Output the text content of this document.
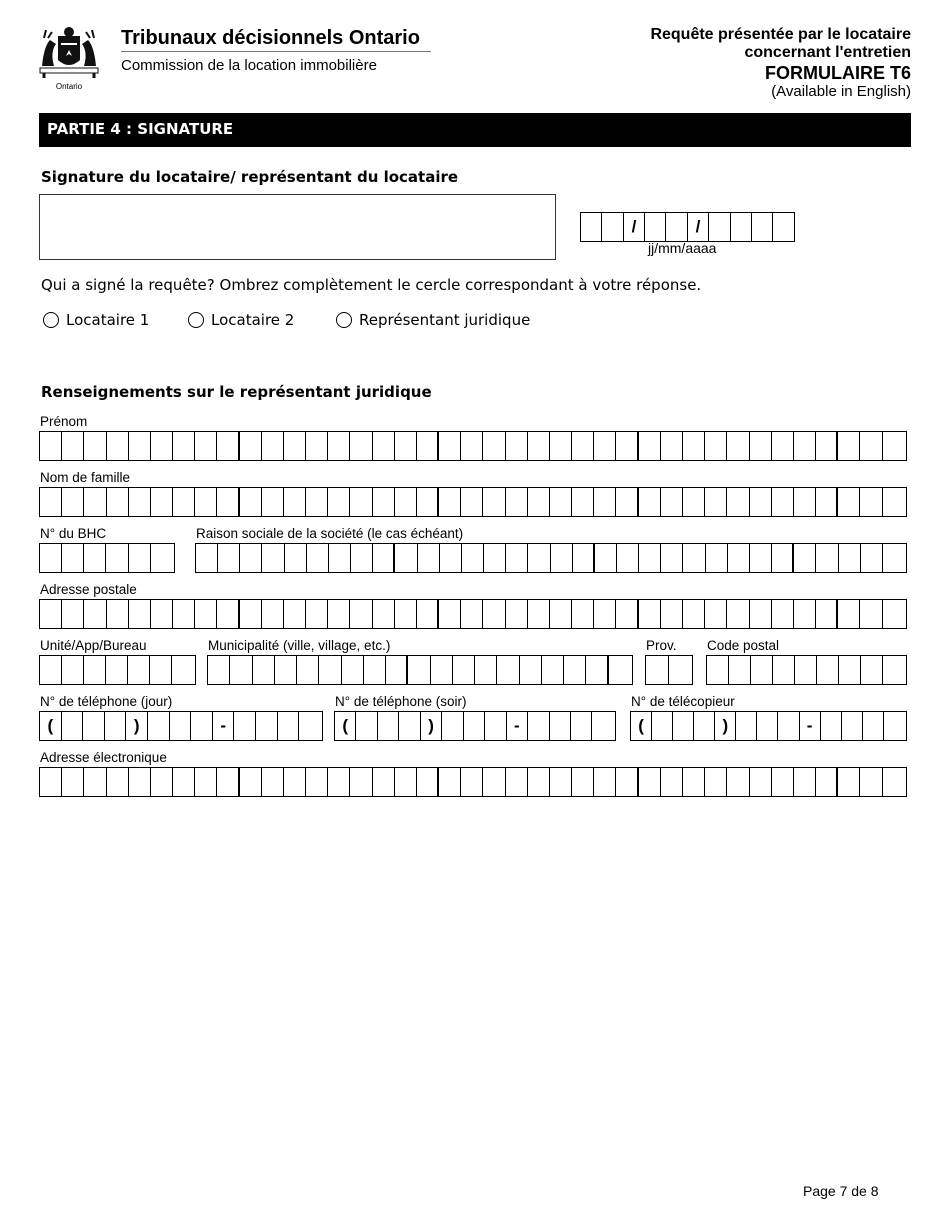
Ontario
Tribunaux décisionnels Ontario
Commission de la location immobilière
Requête présentée par le locataire
concernant l'entretien
FORMULAIRE T6
(Available in English)
PARTIE 4 : SIGNATURE
Signature du locataire/ représentant du locataire
/	/
jj/mm/aaaa
Qui a signé la requête? Ombrez complètement le cercle correspondant à votre réponse.
Locataire 1	Locataire 2	Représentant juridique
Renseignements sur le représentant juridique
Prénom
Nom de famille
N° du BHC	Raison sociale de la société (le cas échéant)
Adresse postale
Unité/App/Bureau	Municipalité (ville, village, etc.)	Prov. Code postal
N° de téléphone (jour)
(	)	-
N° de téléphone (soir)
(	)	-
N° de télécopieur
(	)	-
Adresse électronique
Page 7 de 8
